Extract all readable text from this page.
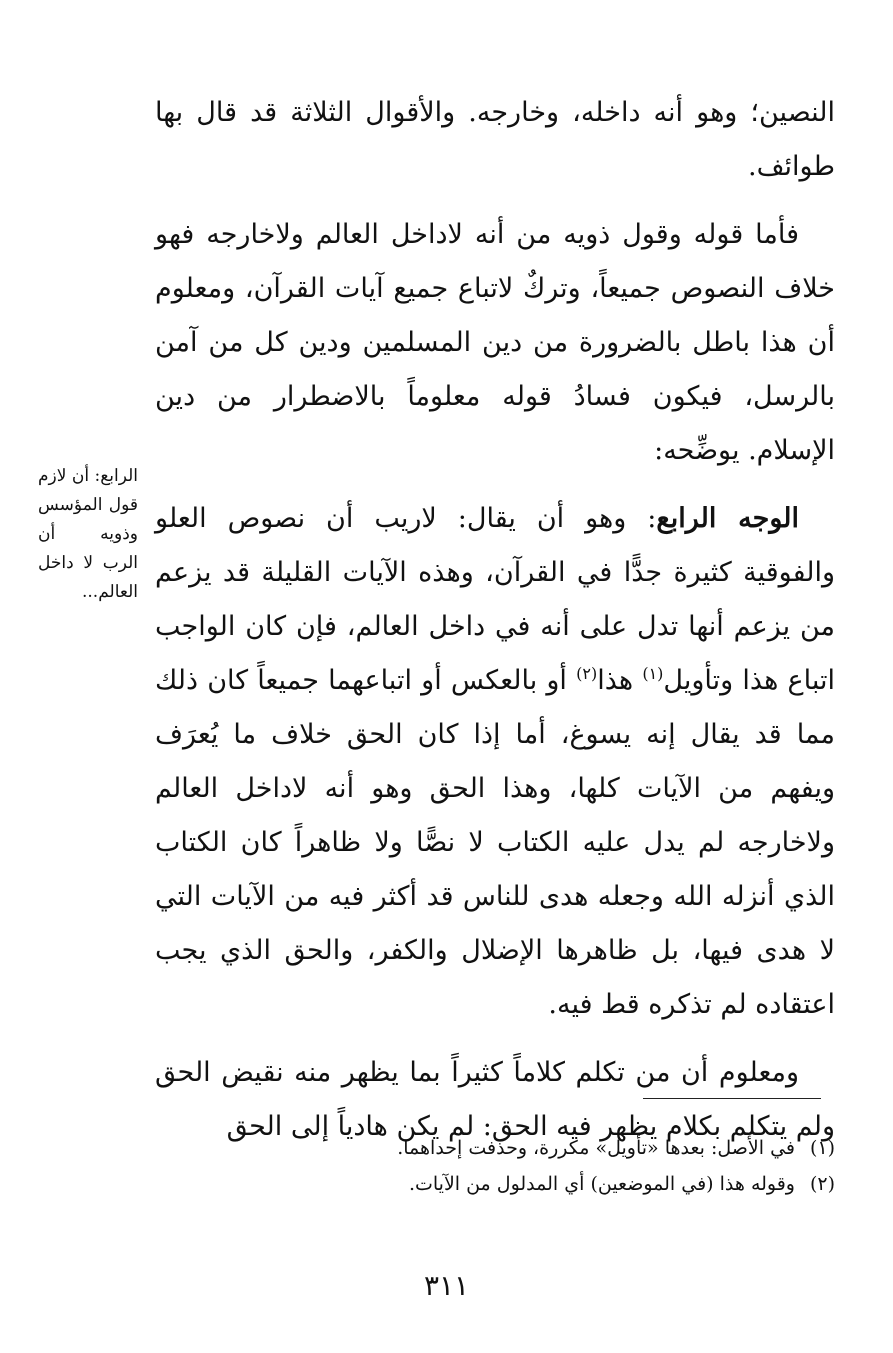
النصين؛ وهو أنه داخله، وخارجه. والأقوال الثلاثة قد قال بها طوائف.

فأما قوله وقول ذويه من أنه لاداخل العالم ولاخارجه فهو خلاف النصوص جميعاً، وتركٌ لاتباع جميع آيات القرآن، ومعلوم أن هذا باطل بالضرورة من دين المسلمين ودين كل من آمن بالرسل، فيكون فسادُ قوله معلوماً بالاضطرار من دين الإسلام. يوضِّحه:

الوجه الرابع: وهو أن يقال: لاريب أن نصوص العلو والفوقية كثيرة جدًّا في القرآن، وهذه الآيات القليلة قد يزعم من يزعم أنها تدل على أنه في داخل العالم، فإن كان الواجب اتباع هذا وتأويل$^{(١)}$ هذا$^{(٢)}$ أو بالعكس أو اتباعهما جميعاً كان ذلك مما قد يقال إنه يسوغ، أما إذا كان الحق خلاف ما يُعرَف ويفهم من الآيات كلها، وهذا الحق وهو أنه لاداخل العالم ولاخارجه لم يدل عليه الكتاب لا نصًّا ولا ظاهراً كان الكتاب الذي أنزله الله وجعله هدى للناس قد أكثر فيه من الآيات التي لا هدى فيها، بل ظاهرها الإضلال والكفر، والحق الذي يجب اعتقاده لم تذكره قط فيه.

ومعلوم أن من تكلم كلاماً كثيراً بما يظهر منه نقيض الحق ولم يتكلم بكلام يظهر فيه الحق: لم يكن هادياً إلى الحق

الرابع: أن لازم قول المؤسس وذويه أن الرب لا داخل العالم...
(١)في الأصل: بعدها «تأويل» مكررة، وحذفت إحداهما.
(٢)وقوله هذا (في الموضعين) أي المدلول من الآيات.
٣١١
